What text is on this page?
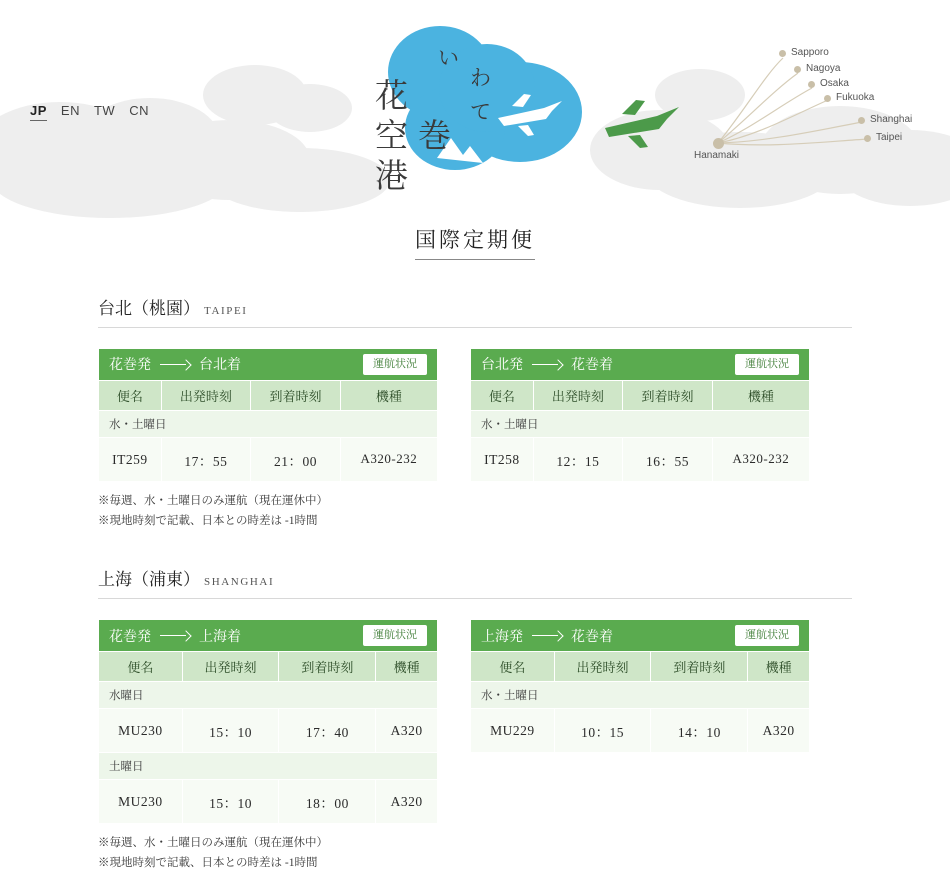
JP EN TW CN
い
わ
て
花
巻
空
港
Hanamaki
Sapporo
Nagoya
Osaka
Fukuoka
Shanghai
Taipei
国際定期便
台北（桃園） TAIPEI
花巻発 台北着 運航状況			

便名	出発時刻	到着時刻	機種
水・土曜日			
IT259	17：55	21：00	A320-232
※毎週、水・土曜日のみ運航（現在運休中）
※現地時刻で記載、日本との時差は -1時間
台北発 花巻着 運航状況			

便名	出発時刻	到着時刻	機種
水・土曜日			
IT258	12：15	16：55	A320-232
上海（浦東） SHANGHAI
花巻発 上海着 運航状況			

便名	出発時刻	到着時刻	機種
水曜日			
MU230	15：10	17：40	A320
土曜日			
MU230	15：10	18：00	A320
※毎週、水・土曜日のみ運航（現在運休中）
※現地時刻で記載、日本との時差は -1時間
上海発 花巻着 運航状況			

便名	出発時刻	到着時刻	機種
水・土曜日			
MU229	10：15	14：10	A320
